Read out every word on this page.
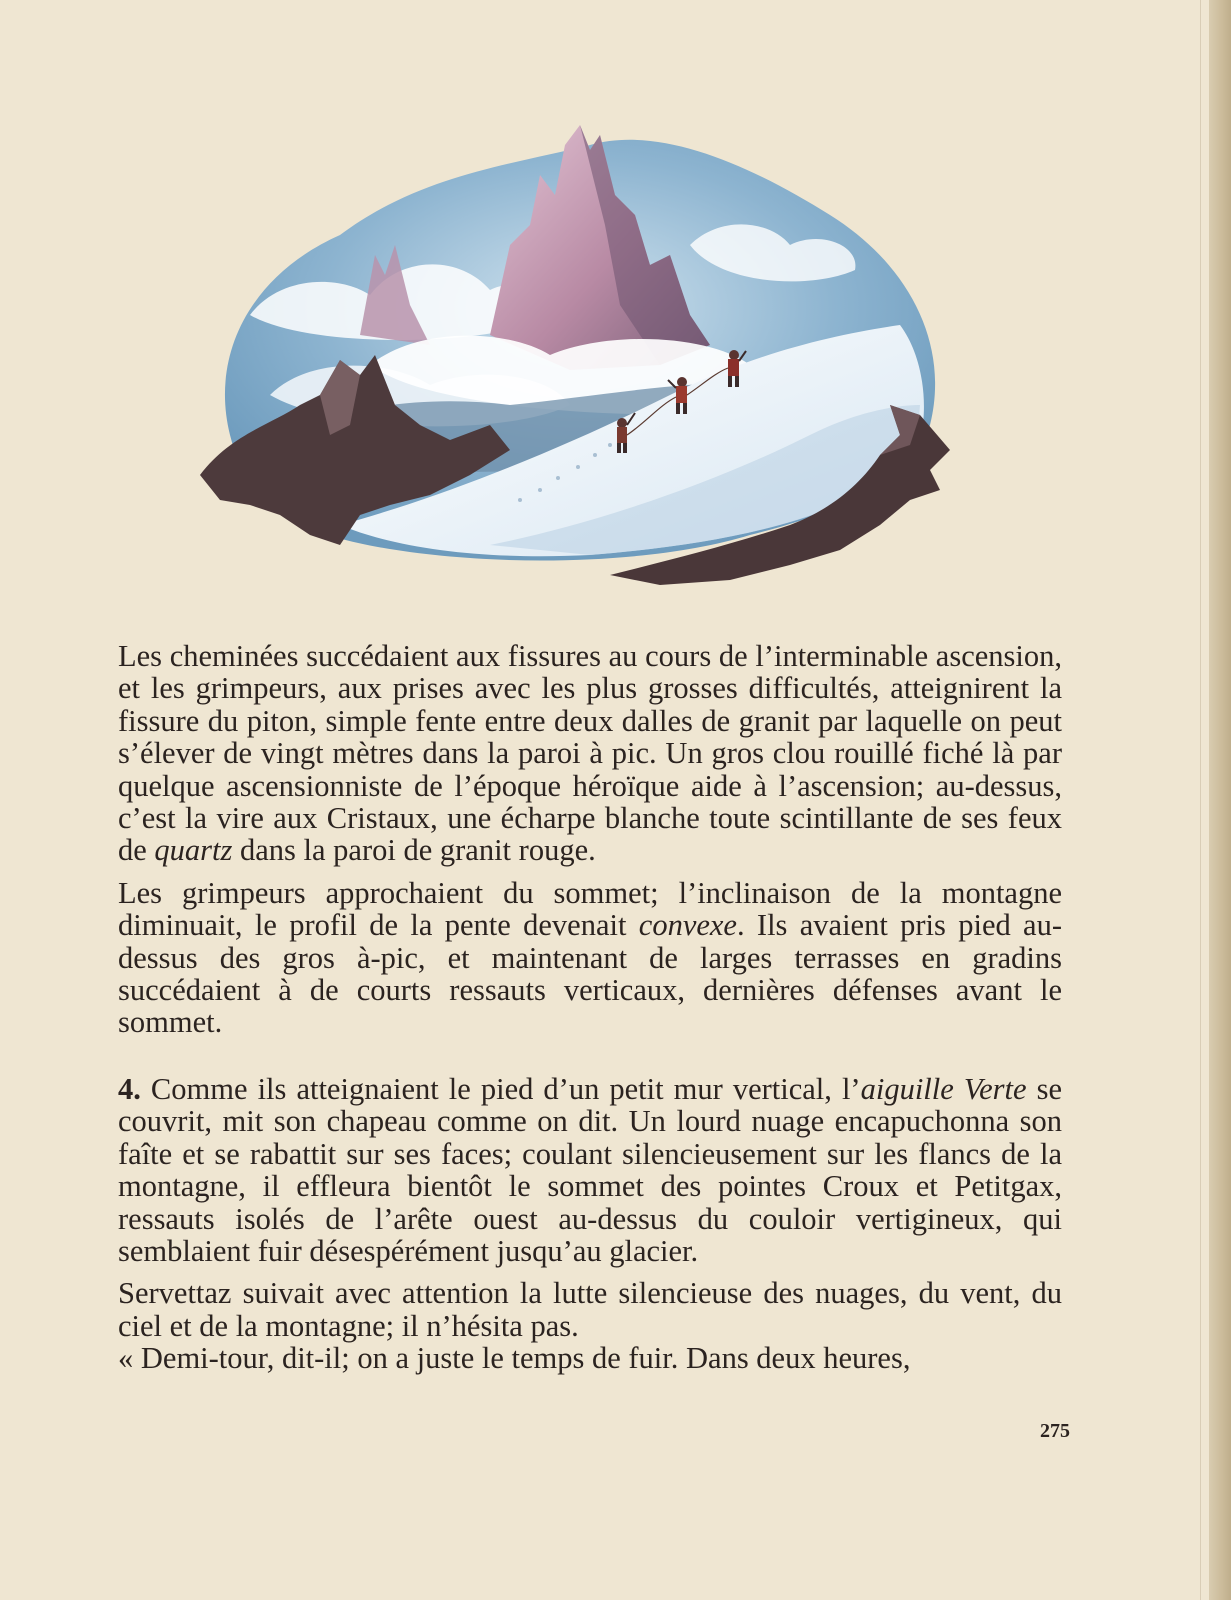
Les cheminées succédaient aux fissures au cours de l’interminable ascension, et les grimpeurs, aux prises avec les plus grosses difficultés, atteignirent la fissure du piton, simple fente entre deux dalles de granit par laquelle on peut s’élever de vingt mètres dans la paroi à pic. Un gros clou rouillé fiché là par quelque ascensionniste de l’époque héroïque aide à l’ascension; au-dessus, c’est la vire aux Cristaux, une écharpe blanche toute scintillante de ses feux de quartz dans la paroi de granit rouge.

Les grimpeurs approchaient du sommet; l’inclinaison de la montagne diminuait, le profil de la pente devenait convexe. Ils avaient pris pied au-dessus des gros à-pic, et maintenant de larges terrasses en gradins succédaient à de courts ressauts verticaux, dernières défenses avant le sommet.

4. Comme ils atteignaient le pied d’un petit mur vertical, l’aiguille Verte se couvrit, mit son chapeau comme on dit. Un lourd nuage encapuchonna son faîte et se rabattit sur ses faces; coulant silencieusement sur les flancs de la montagne, il effleura bientôt le sommet des pointes Croux et Petitgax, ressauts isolés de l’arête ouest au-dessus du couloir vertigineux, qui semblaient fuir désespérément jusqu’au glacier.

Servettaz suivait avec attention la lutte silencieuse des nuages, du vent, du ciel et de la montagne; il n’hésita pas.

« Demi-tour, dit-il; on a juste le temps de fuir. Dans deux heures,

275
